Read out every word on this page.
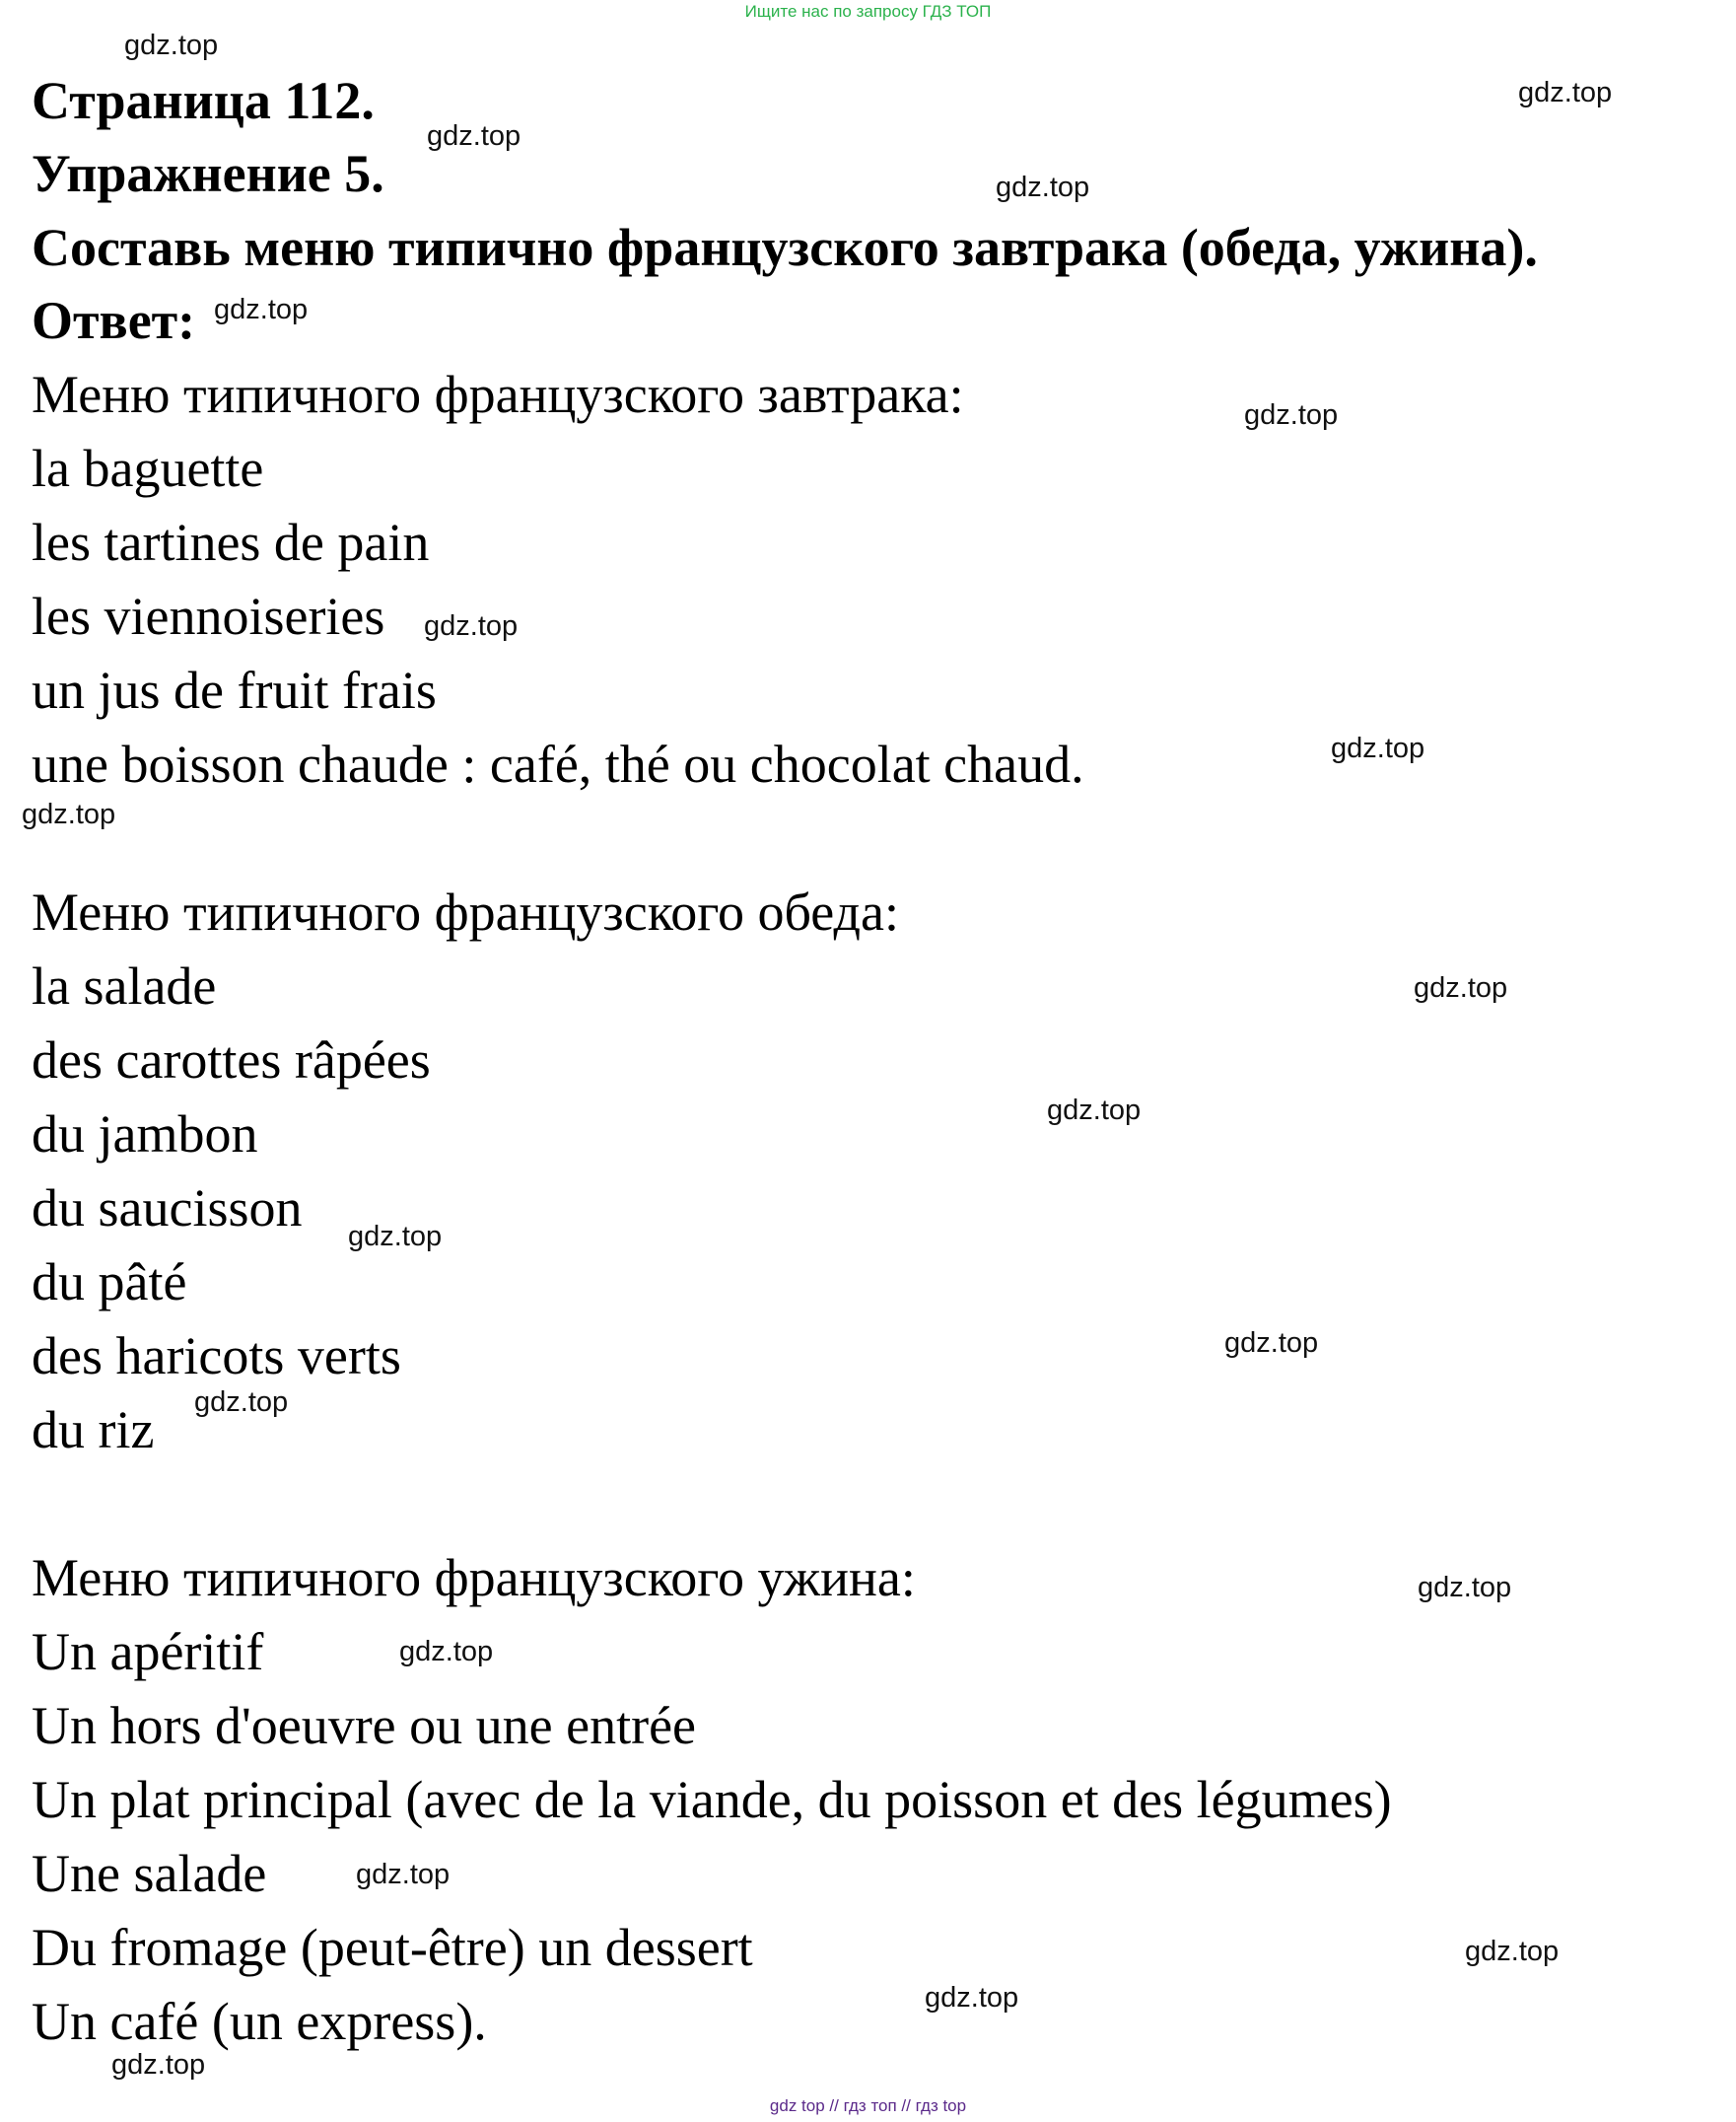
Ищите нас по запросу ГДЗ ТОП
Страница 112.
Упражнение 5.
Составь меню типично французского завтрака (обеда, ужина).
Ответ:
Меню типичного французского завтрака:
la baguette
les tartines de pain
les viennoiseries
un jus de fruit frais
une boisson chaude : café, thé ou chocolat chaud.
Меню типичного французского обеда:
la salade
des carottes râpées
du jambon
du saucisson
du pâté
des haricots verts
du riz
Меню типичного французского ужина:
Un apéritif
Un hors d'oeuvre ou une entrée
Un plat principal (avec de la viande, du poisson et des légumes)
Une salade
Du fromage (peut-être) un dessert
Un café (un express).
gdz.top
gdz.top
gdz.top
gdz.top
gdz.top
gdz.top
gdz.top
gdz.top
gdz.top
gdz.top
gdz.top
gdz.top
gdz.top
gdz.top
gdz.top
gdz.top
gdz.top
gdz.top
gdz.top
gdz.top
gdz top // гдз топ // гдз top
